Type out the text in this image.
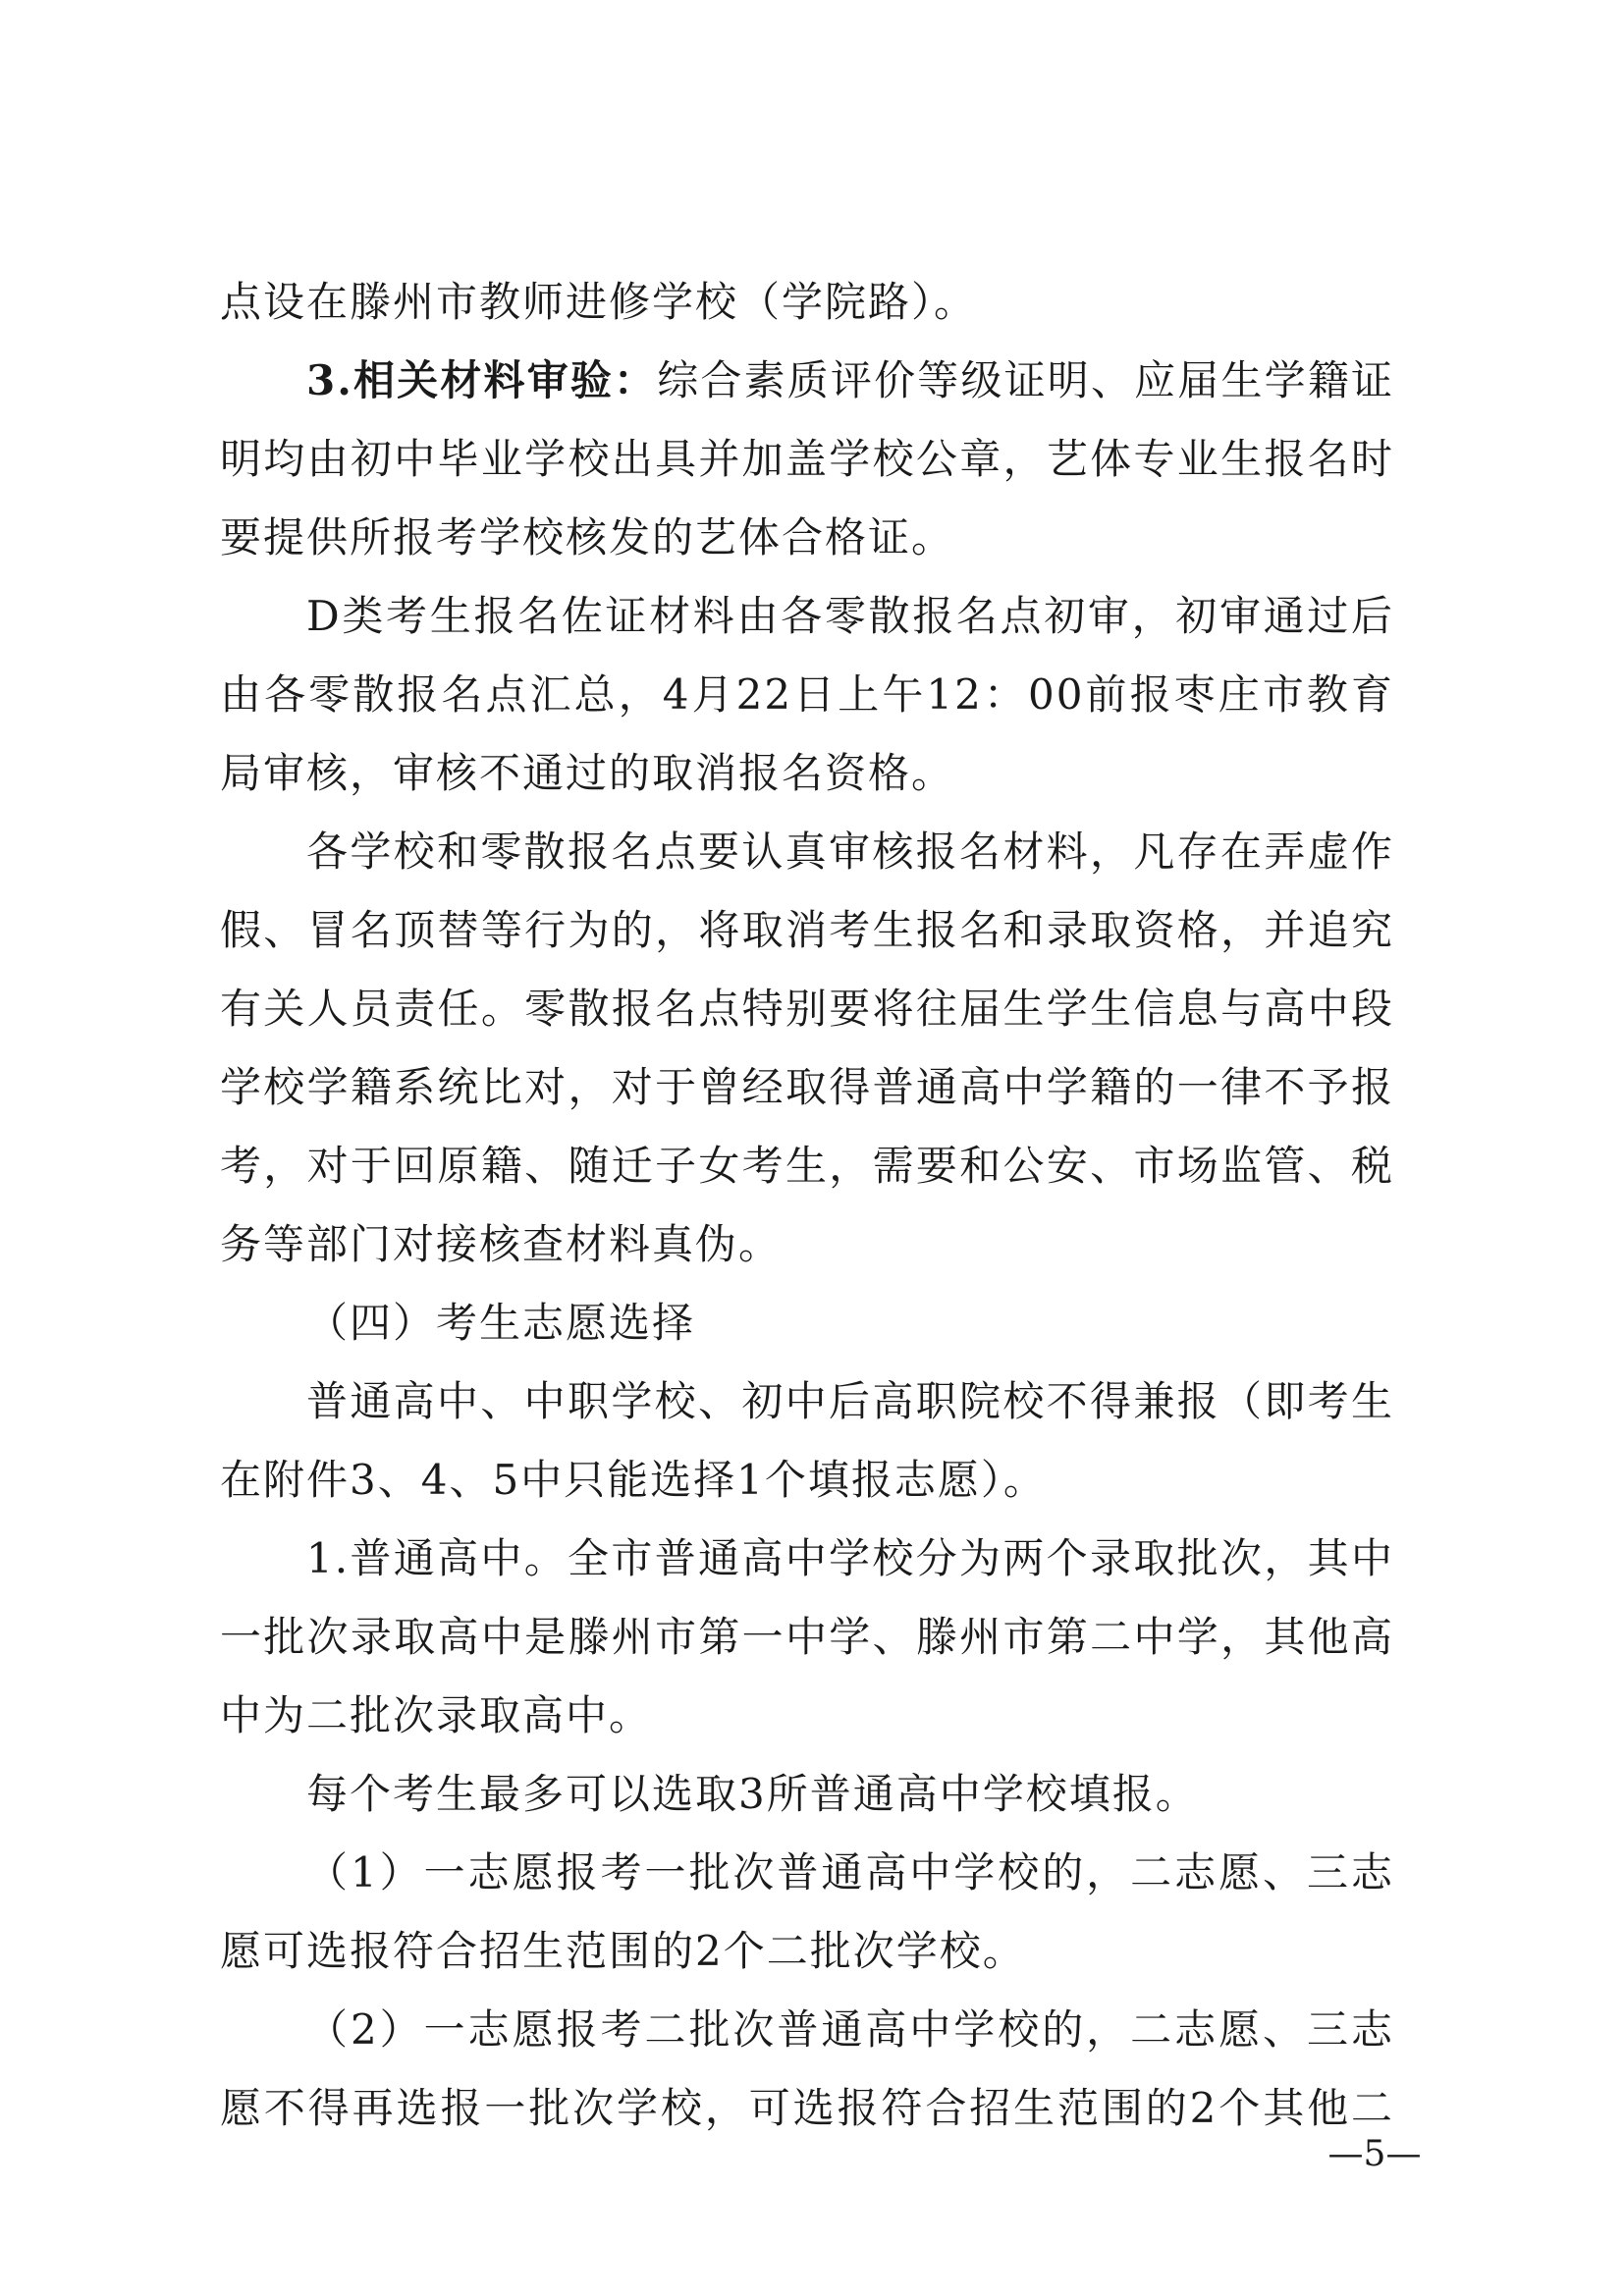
点设在滕州市教师进修学校（学院路）。
3.相关材料审验：综合素质评价等级证明、应届生学籍证
明均由初中毕业学校出具并加盖学校公章，艺体专业生报名时
要提供所报考学校核发的艺体合格证。
D类考生报名佐证材料由各零散报名点初审，初审通过后
由各零散报名点汇总，4月22日上午12：00前报枣庄市教育
局审核，审核不通过的取消报名资格。
各学校和零散报名点要认真审核报名材料，凡存在弄虚作
假、冒名顶替等行为的，将取消考生报名和录取资格，并追究
有关人员责任。零散报名点特别要将往届生学生信息与高中段
学校学籍系统比对，对于曾经取得普通高中学籍的一律不予报
考，对于回原籍、随迁子女考生，需要和公安、市场监管、税
务等部门对接核查材料真伪。
（四）考生志愿选择
普通高中、中职学校、初中后高职院校不得兼报（即考生
在附件3、4、5中只能选择1个填报志愿）。
1.普通高中。全市普通高中学校分为两个录取批次，其中
一批次录取高中是滕州市第一中学、滕州市第二中学，其他高
中为二批次录取高中。
每个考生最多可以选取3所普通高中学校填报。
（1）一志愿报考一批次普通高中学校的，二志愿、三志
愿可选报符合招生范围的2个二批次学校。
（2）一志愿报考二批次普通高中学校的，二志愿、三志
愿不得再选报一批次学校，可选报符合招生范围的2个其他二
—5—
